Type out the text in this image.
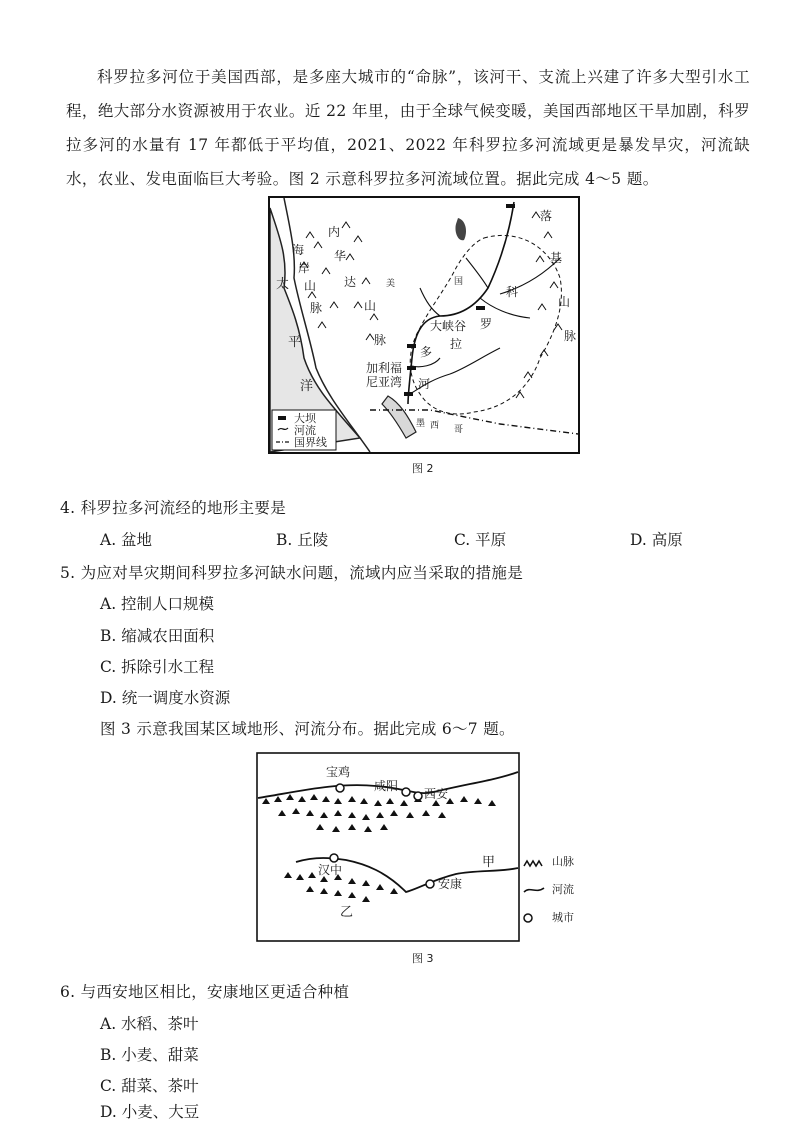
科罗拉多河位于美国西部，是多座大城市的“命脉”，该河干、支流上兴建了许多大型引水工程，绝大部分水资源被用于农业。近 22 年里，由于全球气候变暖，美国西部地区干旱加剧，科罗拉多河的水量有 17 年都低于平均值，2021、2022 年科罗拉多河流域更是暴发旱灾，河流缺水，农业、发电面临巨大考验。图 2 示意科罗拉多河流域位置。据此完成 4～5 题。

太
平
洋
海
岸
山
脉
内
华
达
山
脉
落
基
山
脉
科
罗
拉
多
河
大峡谷
加利福
尼亚湾
美	国
墨 西 哥
大坝
河流
国界线
图 2

4. 科罗拉多河流经的地形主要是

A. 盆地	B. 丘陵	C. 平原	D. 高原

5. 为应对旱灾期间科罗拉多河缺水问题，流域内应当采取的措施是

A. 控制人口规模

B. 缩减农田面积

C. 拆除引水工程

D. 统一调度水资源

图 3 示意我国某区域地形、河流分布。据此完成 6～7 题。

宝鸡
咸阳
西安
汉中
安康
甲
乙
山脉
河流
城市
图 3

6. 与西安地区相比，安康地区更适合种植

A. 水稻、茶叶

B. 小麦、甜菜

C. 甜菜、茶叶

D. 小麦、大豆
